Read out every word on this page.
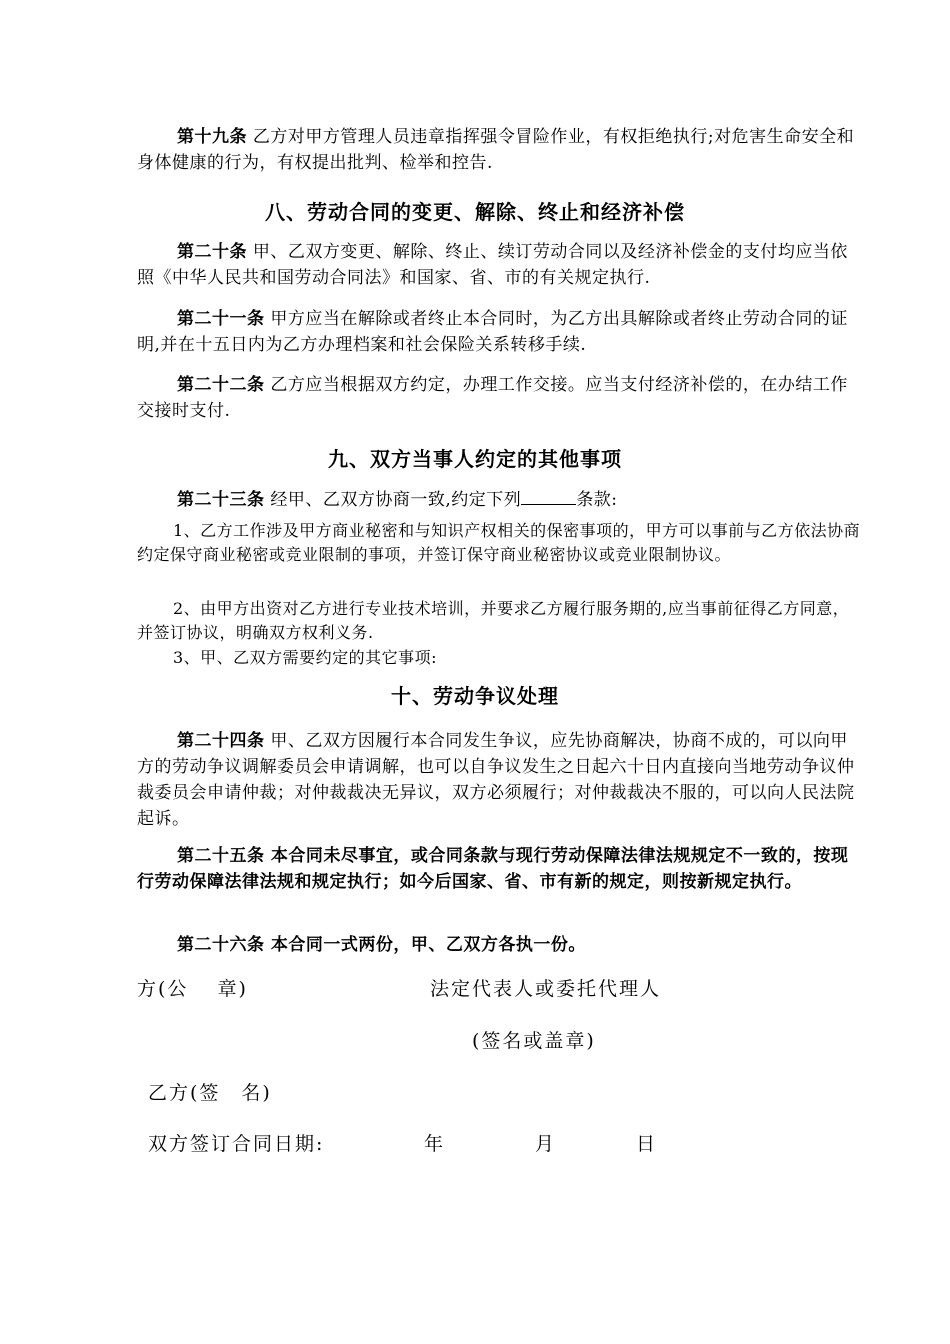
第十九条 乙方对甲方管理人员违章指挥强令冒险作业，有权拒绝执行;对危害生命安全和身体健康的行为，有权提出批判、检举和控告.

八、劳动合同的变更、解除、终止和经济补偿

第二十条 甲、乙双方变更、解除、终止、续订劳动合同以及经济补偿金的支付均应当依照《中华人民共和国劳动合同法》和国家、省、市的有关规定执行.

第二十一条 甲方应当在解除或者终止本合同时，为乙方出具解除或者终止劳动合同的证明,并在十五日内为乙方办理档案和社会保险关系转移手续.

第二十二条 乙方应当根据双方约定，办理工作交接。应当支付经济补偿的，在办结工作交接时支付.

九、双方当事人约定的其他事项

第二十三条 经甲、乙双方协商一致,约定下列	条款:

1、乙方工作涉及甲方商业秘密和与知识产权相关的保密事项的，甲方可以事前与乙方依法协商约定保守商业秘密或竞业限制的事项，并签订保守商业秘密协议或竞业限制协议。

2、由甲方出资对乙方进行专业技术培训，并要求乙方履行服务期的,应当事前征得乙方同意，并签订协议，明确双方权利义务.

3、甲、乙双方需要约定的其它事项:

十、劳动争议处理

第二十四条 甲、乙双方因履行本合同发生争议，应先协商解决，协商不成的，可以向甲方的劳动争议调解委员会申请调解，也可以自争议发生之日起六十日内直接向当地劳动争议仲裁委员会申请仲裁；对仲裁裁决无异议，双方必须履行；对仲裁裁决不服的，可以向人民法院起诉。

第二十五条 本合同未尽事宜，或合同条款与现行劳动保障法律法规规定不一致的，按现行劳动保障法律法规和规定执行；如今后国家、省、市有新的规定，则按新规定执行。

第二十六条 本合同一式两份，甲、乙双方各执一份。

方(公　 章)	法定代表人或委托代理人

(签名或盖章)

乙方(签　名)

双方签订合同日期:	年	月	日
